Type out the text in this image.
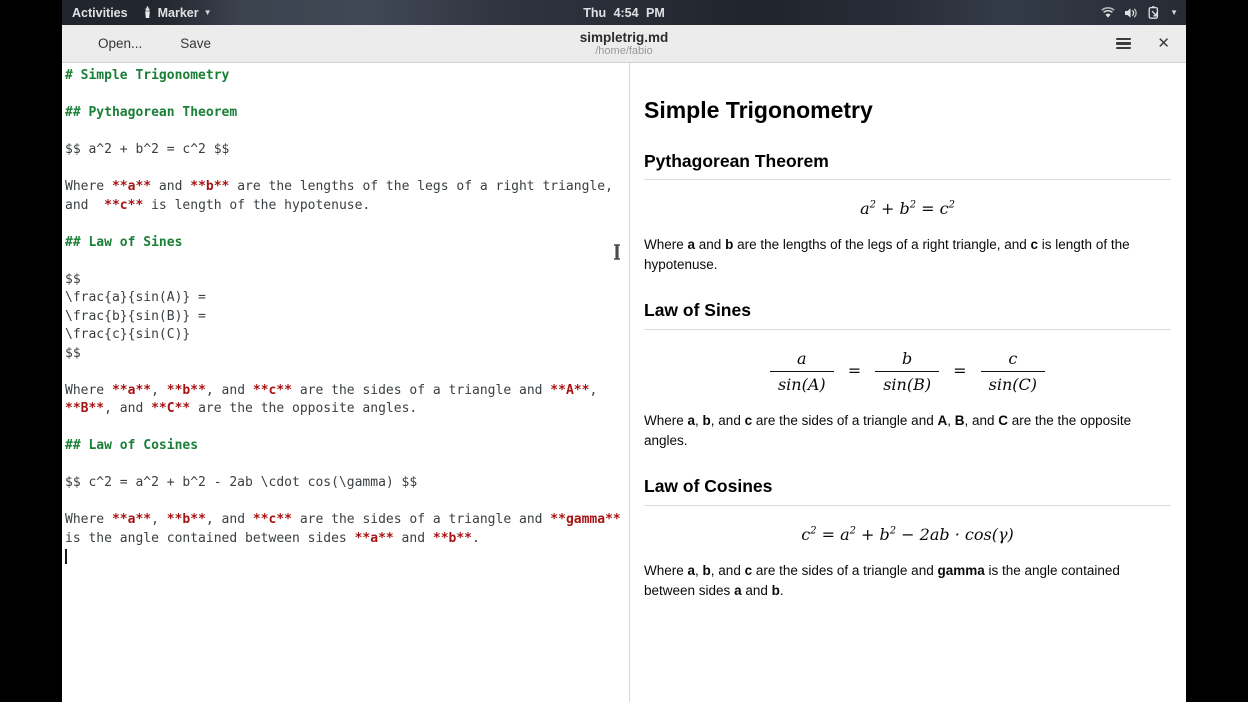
Activities Marker ▼	Thu 4:54 PM	▼
Open...	Save	simpletrig.md
/home/fabio	✕
# Simple Trigonometry
## Pythagorean Theorem
$$ a^2 + b^2 = c^2 $$
Where **a** and **b** are the lengths of the legs of a right triangle,
and  **c** is length of the hypotenuse.
## Law of Sines
$$
\frac{a}{sin(A)} =
\frac{b}{sin(B)} =
\frac{c}{sin(C)}
$$
Where **a**, **b**, and **c** are the sides of a triangle and **A**,
**B**, and **C** are the the opposite angles.
## Law of Cosines
$$ c^2 = a^2 + b^2 - 2ab \cdot cos(\gamma) $$
Where **a**, **b**, and **c** are the sides of a triangle and **gamma**
is the angle contained between sides **a** and **b**.
Simple Trigonometry
Pythagorean Theorem
$a^2 + b^2 = c^2$

Where a and b are the lengths of the legs of a right triangle, and c is length of the hypotenuse.

Law of Sines
$\frac{a}{\sin(A)} = \frac{b}{\sin(B)} = \frac{c}{\sin(C)}$

Where a, b, and c are the sides of a triangle and A, B, and C are the the opposite angles.

Law of Cosines
$c^2 = a^2 + b^2 - 2ab \cdot \cos(\gamma)$

Where a, b, and c are the sides of a triangle and gamma is the angle contained between sides a and b.
